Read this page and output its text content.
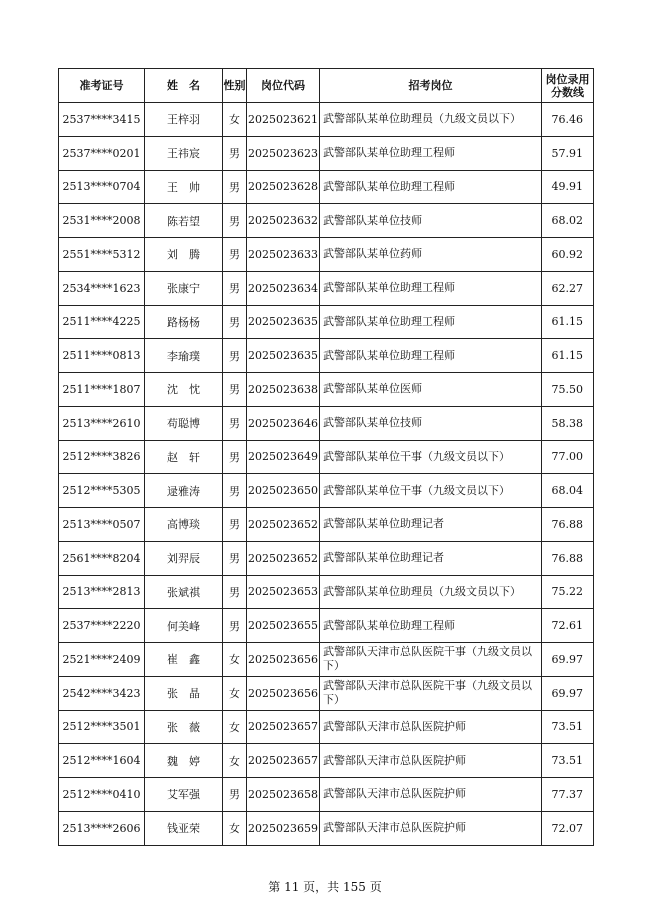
准考证号	姓　名	性别	岗位代码	招考岗位	岗位录用分数线
2537****3415	王梓羽	女	2025023621	武警部队某单位助理员（九级文员以下）	76.46
2537****0201	王祎宸	男	2025023623	武警部队某单位助理工程师	57.91
2513****0704	王　帅	男	2025023628	武警部队某单位助理工程师	49.91
2531****2008	陈若望	男	2025023632	武警部队某单位技师	68.02
2551****5312	刘　腾	男	2025023633	武警部队某单位药师	60.92
2534****1623	张康宁	男	2025023634	武警部队某单位助理工程师	62.27
2511****4225	路杨杨	男	2025023635	武警部队某单位助理工程师	61.15
2511****0813	李瑜璞	男	2025023635	武警部队某单位助理工程师	61.15
2511****1807	沈　忱	男	2025023638	武警部队某单位医师	75.50
2513****2610	苟聪博	男	2025023646	武警部队某单位技师	58.38
2512****3826	赵　轩	男	2025023649	武警部队某单位干事（九级文员以下）	77.00
2512****5305	逯雅涛	男	2025023650	武警部队某单位干事（九级文员以下）	68.04
2513****0507	高博琰	男	2025023652	武警部队某单位助理记者	76.88
2561****8204	刘羿辰	男	2025023652	武警部队某单位助理记者	76.88
2513****2813	张斌祺	男	2025023653	武警部队某单位助理员（九级文员以下）	75.22
2537****2220	何美峰	男	2025023655	武警部队某单位助理工程师	72.61
2521****2409	崔　鑫	女	2025023656	武警部队天津市总队医院干事（九级文员以下）	69.97
2542****3423	张　晶	女	2025023656	武警部队天津市总队医院干事（九级文员以下）	69.97
2512****3501	张　薇	女	2025023657	武警部队天津市总队医院护师	73.51
2512****1604	魏　婷	女	2025023657	武警部队天津市总队医院护师	73.51
2512****0410	艾军强	男	2025023658	武警部队天津市总队医院护师	77.37
2513****2606	钱亚荣	女	2025023659	武警部队天津市总队医院护师	72.07
第 11 页，共 155 页
